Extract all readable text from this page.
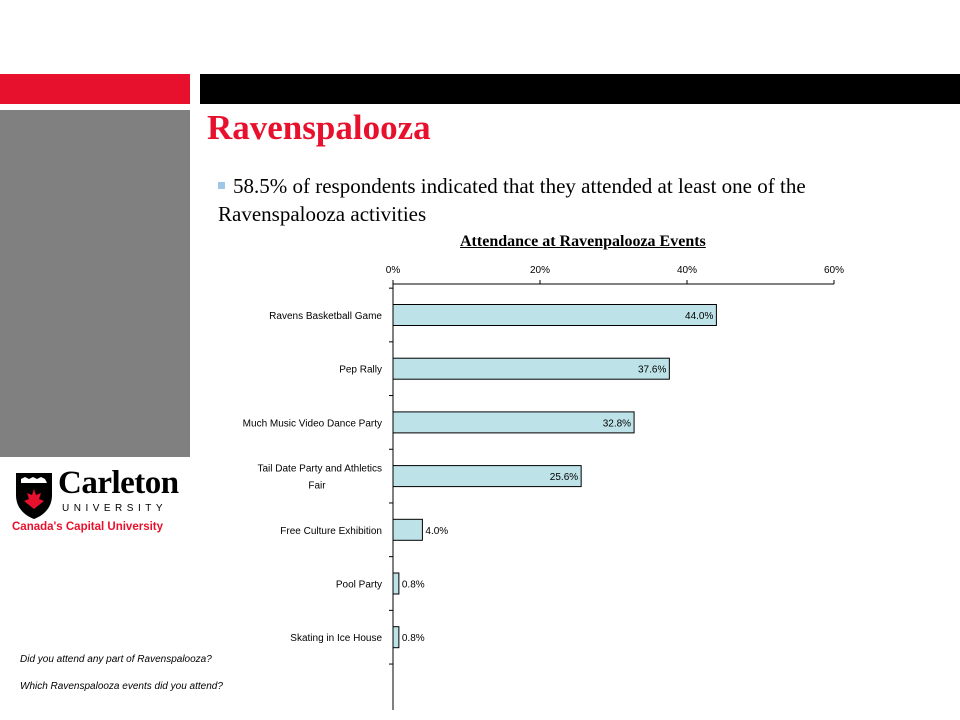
Ravenspalooza
58.5% of respondents indicated that they attended at least one of the Ravenspalooza activities
Attendance at Ravenpalooza Events
0%	20%	40%	60%
44.0%
Ravens Basketball Game
37.6%
Pep Rally
32.8%
Much Music Video Dance Party
25.6%
Tail Date Party and Athletics Fair
4.0%
Free Culture Exhibition
0.8%
Pool Party
0.8%
Skating in Ice House
Carleton
UNIVERSITY
Canada's Capital University
Did you attend any part of Ravenspalooza?
Which Ravenspalooza events did you attend?
